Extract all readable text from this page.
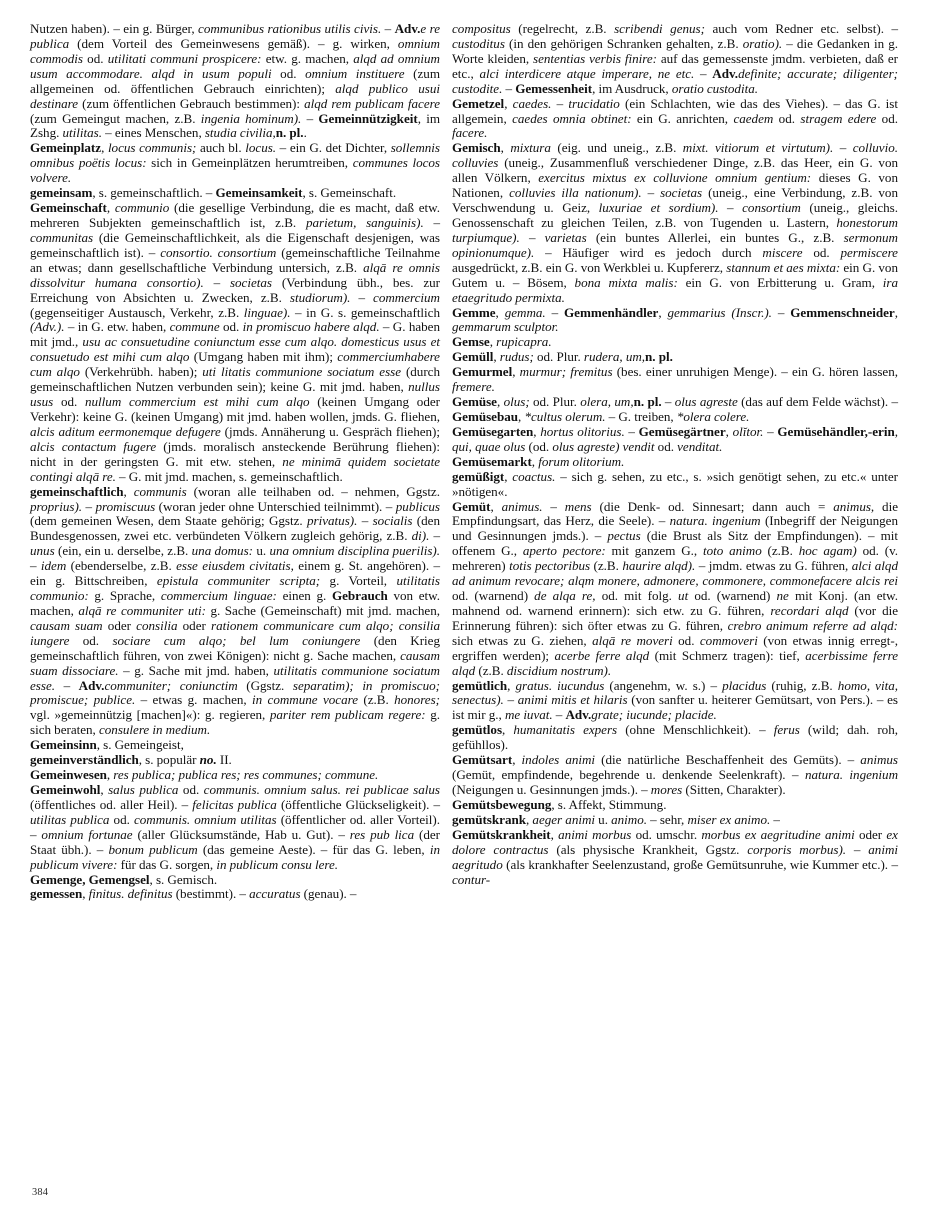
Nutzen haben). – ein g. Bürger, communibus rationibus utilis civis. – Adv.e re publica (dem Vorteil des Gemeinwesens gemäß). – g. wirken, omnium commodis od. utilitati communi prospicere: etw. g. machen, alqd ad omnium usum accommodare. alqd in usum populi od. omnium instituere (zum allgemeinen od. öffentlichen Gebrauch einrichten); alqd publico usui destinare (zum öffentlichen Gebrauch bestimmen): alqd rem publicam facere (zum Gemeingut machen, z.B. ingenia hominum). – Gemeinnützigkeit, im Zshg. utilitas. – eines Menschen, studia civilia,n. pl..

Gemeinplatz, locus communis; auch bl. locus. – ein G. det Dichter, sollemnis omnibus poëtis locus: sich in Gemeinplätzen herumtreiben, communes locos volvere.

gemeinsam, s. gemeinschaftlich. – Gemeinsamkeit, s. Gemeinschaft.

Gemeinschaft, communio (die gesellige Verbindung, die es macht, daß etw. mehreren Subjekten gemeinschaftlich ist, z.B. parietum, sanguinis). – communitas (die Gemeinschaftlichkeit, als die Eigenschaft desjenigen, was gemeinschaftlich ist). – consortio. consortium (gemeinschaftliche Teilnahme an etwas; dann gesellschaftliche Verbindung untersich, z.B. alqā re omnis dissolvitur humana consortio). – societas (Verbindung übh., bes. zur Erreichung von Absichten u. Zwecken, z.B. studiorum). – commercium (gegenseitiger Austausch, Verkehr, z.B. linguae). – in G. s. gemeinschaftlich (Adv.). – in G. etw. haben, commune od. in promiscuo habere alqd. – G. haben mit jmd., usu ac consuetudine coniunctum esse cum alqo. domesticus usus et consuetudo est mihi cum alqo (Umgang haben mit ihm); commerciumhabere cum alqo (Verkehrübh. haben); uti litatis communione sociatum esse (durch gemeinschaftlichen Nutzen verbunden sein); keine G. mit jmd. haben, nullus usus od. nullum commercium est mihi cum alqo (keinen Umgang oder Verkehr): keine G. (keinen Umgang) mit jmd. haben wollen, jmds. G. fliehen, alcis aditum eermonemque defugere (jmds. Annäherung u. Gespräch fliehen); alcis contactum fugere (jmds. moralisch ansteckende Berührung fliehen): nicht in der geringsten G. mit etw. stehen, ne minimā quidem societate contingi alqā re. – G. mit jmd. machen, s. gemeinschaftlich.

gemeinschaftlich, communis (woran alle teilhaben od. – nehmen, Ggstz. proprius). – promiscuus (woran jeder ohne Unterschied teilnimmt). – publicus (dem gemeinen Wesen, dem Staate gehörig; Ggstz. privatus). – socialis (den Bundesgenossen, zwei etc. verbündeten Völkern zugleich gehörig, z.B. di). – unus (ein, ein u. derselbe, z.B. una domus: u. una omnium disciplina puerilis). – idem (ebenderselbe, z.B. esse eiusdem civitatis, einem g. St. angehören). – ein g. Bittschreiben, epistula communiter scripta; g. Vorteil, utilitatis communio: g. Sprache, commercium linguae: einen g. Gebrauch von etw. machen, alqā re communiter uti: g. Sache (Gemeinschaft) mit jmd. machen, causam suam oder consilia oder rationem communicare cum alqo; consilia iungere od. sociare cum alqo; bel lum coniungere (den Krieg gemeinschaftlich führen, von zwei Königen): nicht g. Sache machen, causam suam dissociare. – g. Sache mit jmd. haben, utilitatis communione sociatum esse. – Adv.communiter; coniunctim (Ggstz. separatim); in promiscuo; promiscue; publice. – etwas g. machen, in commune vocare (z.B. honores; vgl. »gemeinnützig [machen]«): g. regieren, pariter rem publicam regere: g. sich beraten, consulere in medium.

Gemeinsinn, s. Gemeingeist,

gemeinverständlich, s. populär no. II.

Gemeinwesen, res publica; publica res; res communes; commune.

Gemeinwohl, salus publica od. communis. omnium salus. rei publicae salus (öffentliches od. aller Heil). – felicitas publica (öffentliche Glückseligkeit). – utilitas publica od. communis. omnium utilitas (öffentlicher od. aller Vorteil). – omnium fortunae (aller Glücksumstände, Hab u. Gut). – res pub lica (der Staat übh.). – bonum publicum (das gemeine Aeste). – für das G. leben, in publicum vivere: für das G. sorgen, in publicum consu lere.

Gemenge, Gemengsel, s. Gemisch.

gemessen, finitus. definitus (bestimmt). – accuratus (genau). –

compositus (regelrecht, z.B. scribendi genus; auch vom Redner etc. selbst). – custoditus (in den gehörigen Schranken gehalten, z.B. oratio). – die Gedanken in g. Worte kleiden, sententias verbis finire: auf das gemessenste jmdm. verbieten, daß er etc., alci interdicere atque imperare, ne etc. – Adv.definite; accurate; diligenter; custodite. – Gemessenheit, im Ausdruck, oratio custodita.

Gemetzel, caedes. – trucidatio (ein Schlachten, wie das des Viehes). – das G. ist allgemein, caedes omnia obtinet: ein G. anrichten, caedem od. stragem edere od. facere.

Gemisch, mixtura (eig. und uneig., z.B. mixt. vitiorum et virtutum). – colluvio. colluvies (uneig., Zusammenfluß verschiedener Dinge, z.B. das Heer, ein G. von allen Völkern, exercitus mixtus ex colluvione omnium gentium: dieses G. von Nationen, colluvies illa nationum). – societas (uneig., eine Verbindung, z.B. von Verschwendung u. Geiz, luxuriae et sordium). – consortium (uneig., gleichs. Genossenschaft zu gleichen Teilen, z.B. von Tugenden u. Lastern, honestorum turpiumque). – varietas (ein buntes Allerlei, ein buntes G., z.B. sermonum opinionumque). – Häufiger wird es jedoch durch miscere od. permiscere ausgedrückt, z.B. ein G. von Werkblei u. Kupfererz, stannum et aes mixta: ein G. von Gutem u. – Bösem, bona mixta malis: ein G. von Erbitterung u. Gram, ira etaegritudo permixta.

Gemme, gemma. – Gemmenhändler, gemmarius (Inscr.). – Gemmenschneider, gemmarum sculptor.

Gemse, rupicapra.

Gemüll, rudus; od. Plur. rudera, um,n. pl.

Gemurmel, murmur; fremitus (bes. einer unruhigen Menge). – ein G. hören lassen, fremere.

Gemüse, olus; od. Plur. olera, um,n. pl. – olus agreste (das auf dem Felde wächst). – Gemüsebau, *cultus olerum. – G. treiben, *olera colere.

Gemüsegarten, hortus olitorius. – Gemüsegärtner, olĭtor. – Gemüsehändler,-erin, qui, quae olus (od. olus agreste) vendit od. venditat.

Gemüsemarkt, forum olitorium.

gemüßigt, coactus. – sich g. sehen, zu etc., s. »sich genötigt sehen, zu etc.« unter »nötigen«.

Gemüt, animus. – mens (die Denk- od. Sinnesart; dann auch = animus, die Empfindungsart, das Herz, die Seele). – natura. ingenium (Inbegriff der Neigungen und Gesinnungen jmds.). – pectus (die Brust als Sitz der Empfindungen). – mit offenem G., aperto pectore: mit ganzem G., toto animo (z.B. hoc agam) od. (v. mehreren) totis pectoribus (z.B. haurire alqd). – jmdm. etwas zu G. führen, alci alqd ad animum revocare; alqm monere, admonere, commonere, commonefacere alcis rei od. (warnend) de alqa re, od. mit folg. ut od. (warnend) ne mit Konj. (an etw. mahnend od. warnend erinnern): sich etw. zu G. führen, recordari alqd (vor die Erinnerung führen): sich öfter etwas zu G. führen, crebro animum referre ad alqd: sich etwas zu G. ziehen, alqā re moveri od. commoveri (von etwas innig erregt-, ergriffen werden); acerbe ferre alqd (mit Schmerz tragen): tief, acerbissime ferre alqd (z.B. discidium nostrum).

gemütlich, gratus. iucundus (angenehm, w. s.) – placidus (ruhig, z.B. homo, vita, senectus). – animi mitis et hilaris (von sanfter u. heiterer Gemütsart, von Pers.). – es ist mir g., me iuvat. – Adv.grate; iucunde; placide.

gemütlos, humanitatis expers (ohne Menschlichkeit). – ferus (wild; dah. roh, gefühllos).

Gemütsart, indoles animi (die natürliche Beschaffenheit des Gemüts). – animus (Gemüt, empfindende, begehrende u. denkende Seelenkraft). – natura. ingenium (Neigungen u. Gesinnungen jmds.). – mores (Sitten, Charakter).

Gemütsbewegung, s. Affekt, Stimmung.

gemütskrank, aeger animi u. animo. – sehr, miser ex animo. –

Gemütskrankheit, animi morbus od. umschr. morbus ex aegritudine animi oder ex dolore contractus (als physische Krankheit, Ggstz. corporis morbus). – animi aegritudo (als krankhafter Seelenzustand, große Gemütsunruhe, wie Kummer etc.). – contur-

384
